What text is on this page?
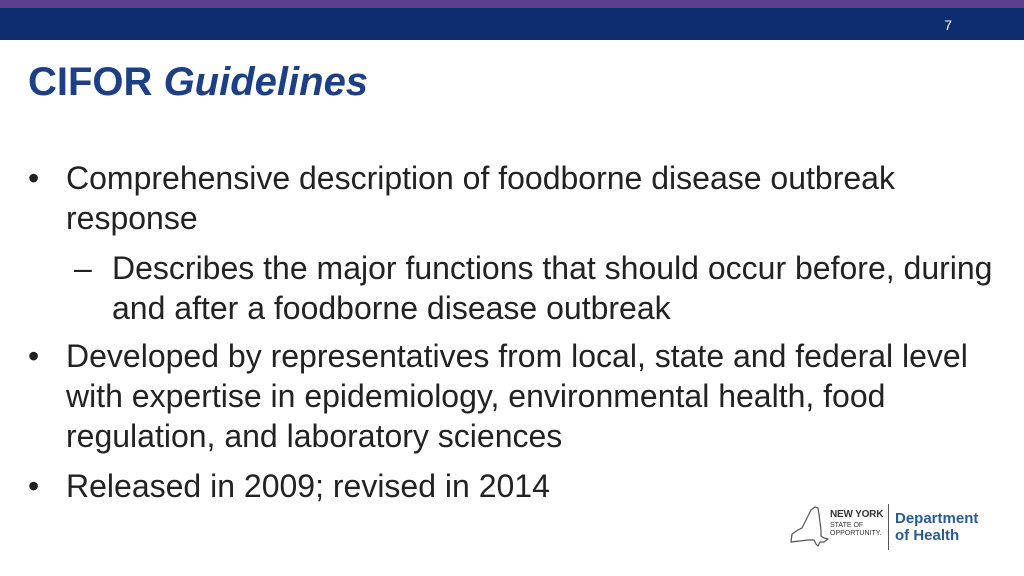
7
CIFOR Guidelines
• Comprehensive description of foodborne disease outbreak response
– Describes the major functions that should occur before, during and after a foodborne disease outbreak
• Developed by representatives from local, state and federal level with expertise in epidemiology, environmental health, food regulation, and laboratory sciences
• Released in 2009; revised in 2014
NEW YORK
STATE OF
OPPORTUNITY.
Department
of Health
